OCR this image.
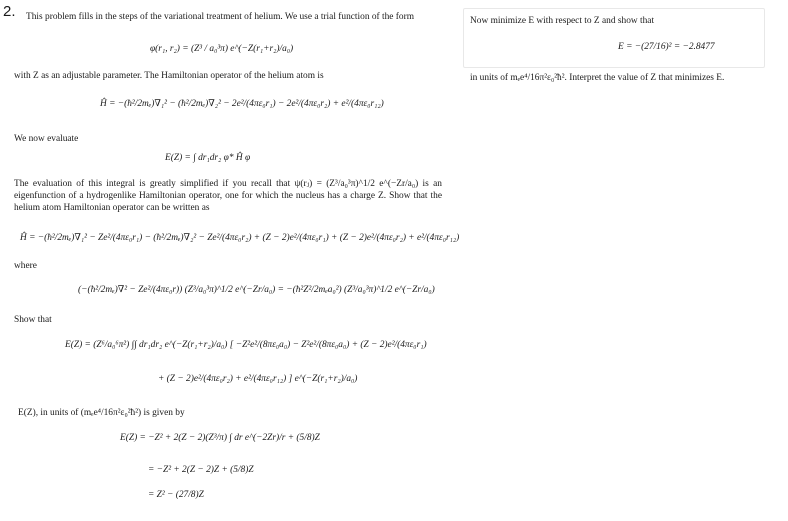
2.	This problem fills in the steps of the variational treatment of helium. We use a trial function of the form
φ(r₁, r₂) = (Z³ / a₀³π) e^(−Z(r₁+r₂)/a₀)
with Z as an adjustable parameter. The Hamiltonian operator of the helium atom is
Ĥ = −(ħ²/2mₑ)∇₁² − (ħ²/2mₑ)∇₂² − 2e²/(4πε₀r₁) − 2e²/(4πε₀r₂) + e²/(4πε₀r₁₂)
We now evaluate
E(Z) = ∫ dr₁dr₂ φ* Ĥ φ
The evaluation of this integral is greatly simplified if you recall that ψ(rⱼ) = (Z³/a₀³π)^1/2 e^(−Zr/a₀) is an eigenfunction of a hydrogenlike Hamiltonian operator, one for which the nucleus has a charge Z. Show that the helium atom Hamiltonian operator can be written as
Ĥ = −(ħ²/2mₑ)∇₁² − Ze²/(4πε₀r₁) − (ħ²/2mₑ)∇₂² − Ze²/(4πε₀r₂) + (Z − 2)e²/(4πε₀r₁) + (Z − 2)e²/(4πε₀r₂) + e²/(4πε₀r₁₂)
where
(−(ħ²/2mₑ)∇² − Ze²/(4πε₀r)) (Z³/a₀³π)^1/2 e^(−Zr/a₀) = −(ħ²Z²/2mₑa₀²) (Z³/a₀³π)^1/2 e^(−Zr/a₀)
Show that
E(Z) = (Z⁶/a₀⁶π²) ∫∫ dr₁dr₂ e^(−Z(r₁+r₂)/a₀) [ −Z²e²/(8πε₀a₀) − Z²e²/(8πε₀a₀) + (Z − 2)e²/(4πε₀r₁)
+ (Z − 2)e²/(4πε₀r₂) + e²/(4πε₀r₁₂) ] e^(−Z(r₁+r₂)/a₀)
E(Z), in units of (mₑe⁴/16π²ε₀²ħ²) is given by
E(Z) = −Z² + 2(Z − 2)(Z³/π) ∫ dr e^(−2Zr)/r + (5/8)Z
= −Z² + 2(Z − 2)Z + (5/8)Z
= Z² − (27/8)Z
Now minimize E with respect to Z and show that
E = −(27/16)² = −2.8477
in units of mₑe⁴/16π²ε₀²ħ². Interpret the value of Z that minimizes E.
